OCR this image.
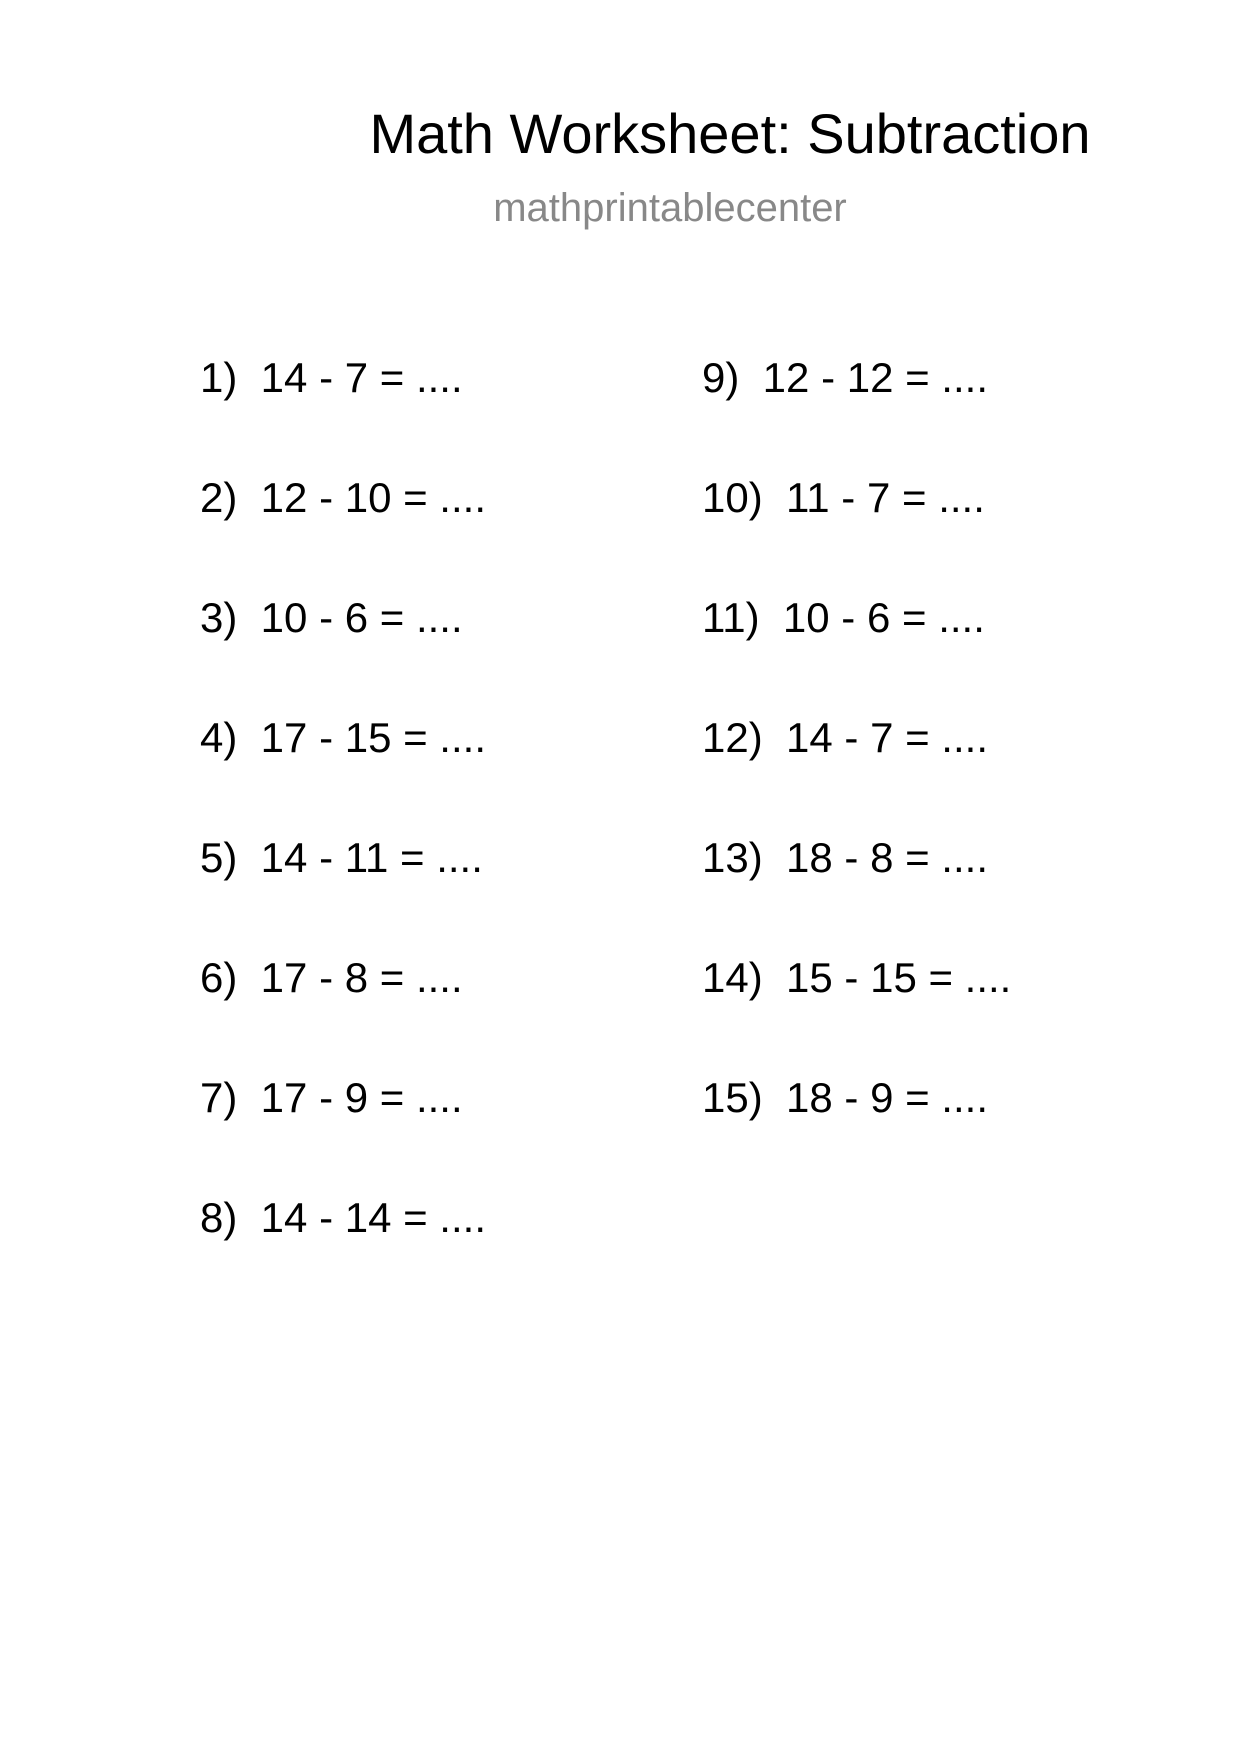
Math Worksheet: Subtraction
mathprintablecenter
1)  14 - 7 = ....
2)  12 - 10 = ....
3)  10 - 6 = ....
4)  17 - 15 = ....
5)  14 - 11 = ....
6)  17 - 8 = ....
7)  17 - 9 = ....
8)  14 - 14 = ....
9)  12 - 12 = ....
10)  11 - 7 = ....
11)  10 - 6 = ....
12)  14 - 7 = ....
13)  18 - 8 = ....
14)  15 - 15 = ....
15)  18 - 9 = ....
